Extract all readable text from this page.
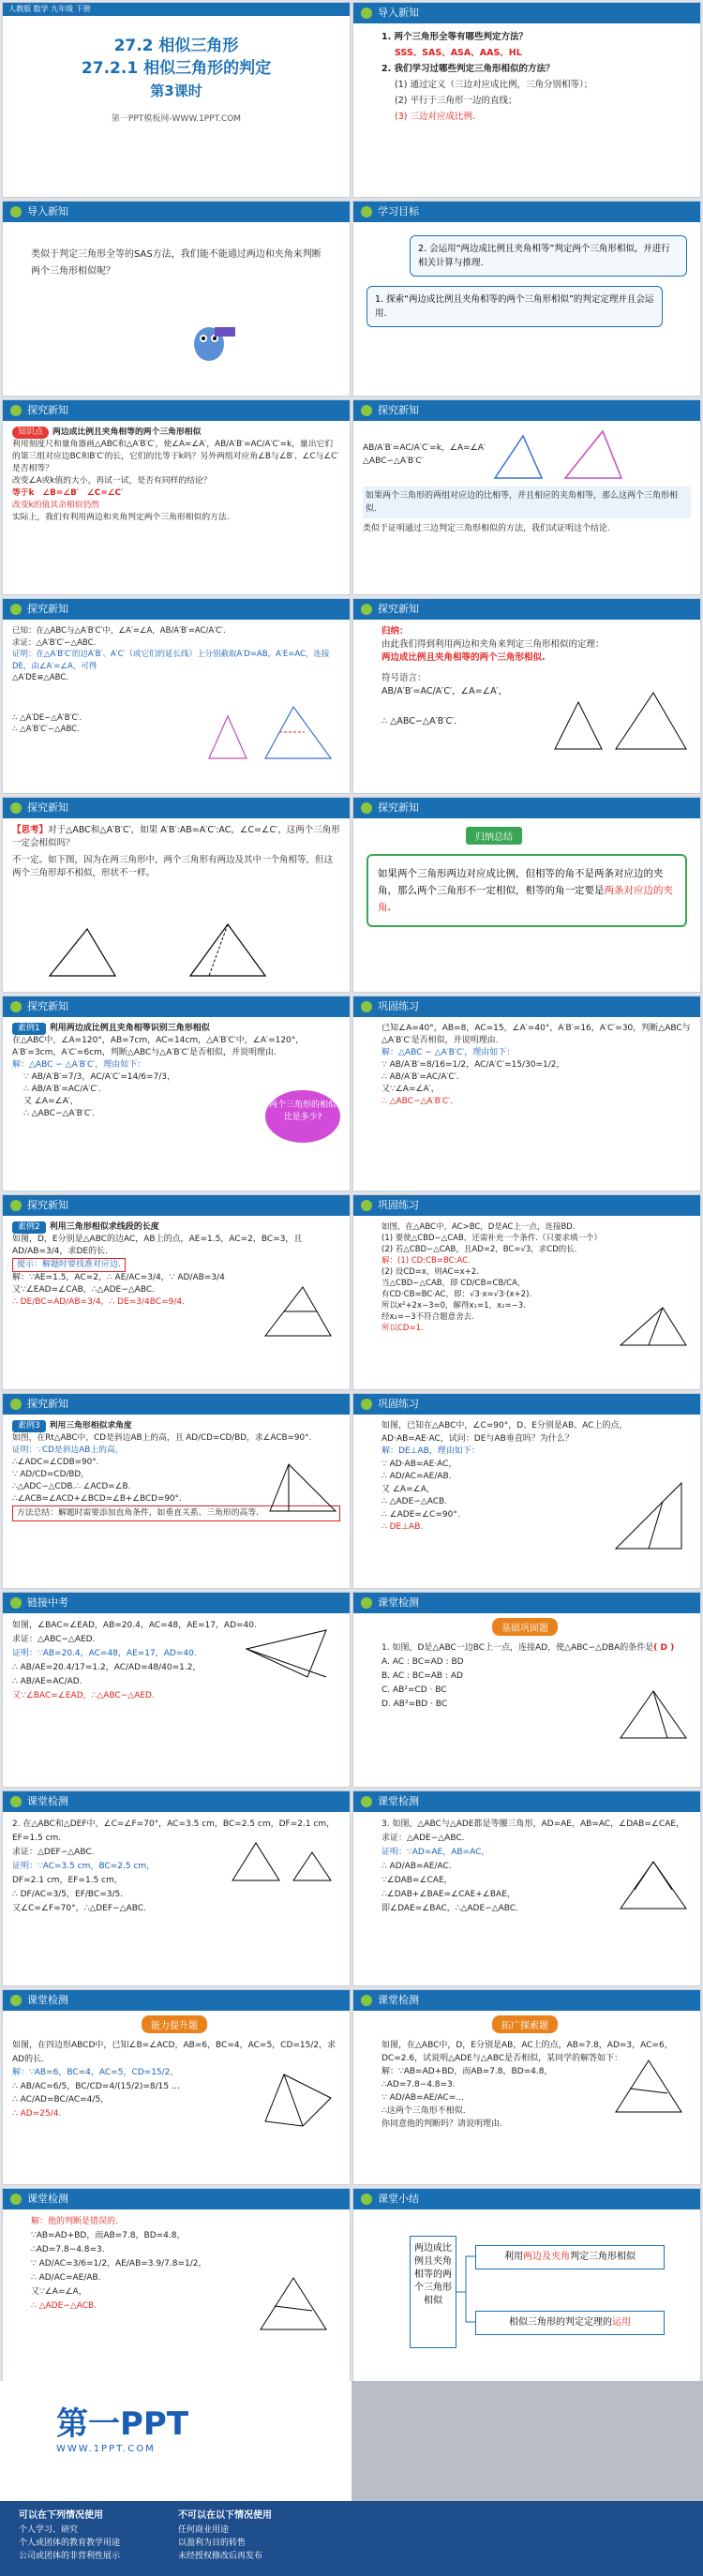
人教版 数学 九年级 下册
27.2 相似三角形
27.2.1 相似三角形的判定
第3课时
第一PPT模板网-WWW.1PPT.COM
导入新知
1. 两个三角形全等有哪些判定方法？
SSS、SAS、ASA、AAS、HL
2. 我们学习过哪些判定三角形相似的方法？
(1) 通过定义（三边对应成比例，三角分别相等）；
(2) 平行于三角形一边的直线；
(3) 三边对应成比例.
导入新知
类似于判定三角形全等的SAS方法，我们能不能通过两边和夹角来判断两个三角形相似呢？
学习目标
2. 会运用“两边成比例且夹角相等”判定两个三角形相似，并进行相关计算与推理.
1. 探索“两边成比例且夹角相等的两个三角形相似”的判定定理并且会运用.
探究新知
知识点 两边成比例且夹角相等的两个三角形相似
利用刻度尺和量角器画△ABC和△A′B′C′，使∠A=∠A′，AB/A′B′=AC/A′C′=k，量出它们的第三组对应边BC和B′C′的长，它们的比等于k吗？另外两组对应角∠B与∠B′、∠C与∠C′是否相等？
改变∠A或k值的大小，再试一试，是否有同样的结论？
等于k　∠B=∠B′　∠C=∠C′
改变k的值其余相似仍然
实际上，我们有利用两边和夹角判定两个三角形相似的方法.
探究新知
AB/A′B′=AC/A′C′=k，∠A=∠A′
△ABC∽△A′B′C′
如果两个三角形的两组对应边的比相等，并且相应的夹角相等，那么这两个三角形相似.
类似于证明通过三边判定三角形相似的方法，我们试证明这个结论.
探究新知
已知：在△ABC与△A′B′C′中，∠A′=∠A，AB/A′B′=AC/A′C′.
求证：△A′B′C′∽△ABC.
证明：在△A′B′C′的边A′B′、A′C′（或它们的延长线）上分别截取A′D=AB，A′E=AC，连接DE，由∠A′=∠A，可得
△A′DE≌△ABC.
∴ △A′DE∽△A′B′C′.
∴ △A′B′C′∽△ABC.
探究新知
归纳：
由此我们得到利用两边和夹角来判定三角形相似的定理：
两边成比例且夹角相等的两个三角形相似.
符号语言：
AB/A′B′=AC/A′C′，∠A=∠A′，
∴ △ABC∽△A′B′C′.
探究新知
【思考】对于△ABC和△A′B′C′，如果 A′B′:AB=A′C′:AC，∠C=∠C′，这两个三角形一定会相似吗？
不一定。如下图，因为在两三角形中，两个三角形有两边及其中一个角相等，但这两个三角形却不相似，形状不一样。
探究新知
归纳总结
如果两个三角形两边对应成比例，但相等的角不是两条对应边的夹角，那么两个三角形不一定相似，相等的角一定要是两条对应边的夹角.
探究新知
素例1 利用两边成比例且夹角相等识别三角形相似
在△ABC中，∠A=120°，AB=7cm，AC=14cm，△A′B′C′中，∠A′=120°，A′B′=3cm，A′C′=6cm，判断△ABC与△A′B′C′是否相似，并说明理由.
解：△ABC ∽ △A′B′C′，理由如下：
∵ AB/A′B′=7/3，AC/A′C′=14/6=7/3，
∴ AB/A′B′=AC/A′C′.
又 ∠A=∠A′，
∴ △ABC∽△A′B′C′.
两个三角形的相似比是多少?
巩固练习
已知∠A=40°，AB=8，AC=15，∠A′=40°，A′B′=16，A′C′=30，判断△ABC与△A′B′C′是否相似，并说明理由.
解：△ABC ∽ △A′B′C′，理由如下：
∵ AB/A′B′=8/16=1/2，AC/A′C′=15/30=1/2，
∴ AB/A′B′=AC/A′C′.
又∵∠A=∠A′，
∴ △ABC∽△A′B′C′.
探究新知
素例2 利用三角形相似求线段的长度
如图，D，E分别是△ABC的边AC，AB上的点，AE=1.5，AC=2，BC=3，且 AD/AB=3/4，求DE的长.
提示：解题时要找准对应边.
解：∵AE=1.5，AC=2，∴ AE/AC=3/4，∵ AD/AB=3/4
又∵∠EAD=∠CAB，∴△ADE∽△ABC.
∴ DE/BC=AD/AB=3/4，∴ DE=3/4BC=9/4.
巩固练习
如图，在△ABC中，AC>BC，D是AC上一点，连接BD.
(1) 要使△CBD∽△CAB，还需补充一个条件.（只要求填一个）
(2) 若△CBD∽△CAB，且AD=2，BC=√3，求CD的长.
解：(1) CD:CB=BC:AC.
(2) 设CD=x，则AC=x+2.
当△CBD∽△CAB，即 CD/CB=CB/CA，
有CD·CB=BC·AC，即：√3·x=√3·(x+2).
所以x²+2x−3=0，解得x₁=1，x₂=−3.
经x₂=−3不符合题意舍去.
所以CD=1.
探究新知
素例3 利用三角形相似求角度
如图，在Rt△ABC中，CD是斜边AB上的高，且 AD/CD=CD/BD，求∠ACB=90°.
证明：∵CD是斜边AB上的高，
∴∠ADC=∠CDB=90°.
∵ AD/CD=CD/BD，
∴△ADC∽△CDB.∴ ∠ACD=∠B.
∴∠ACB=∠ACD+∠BCD=∠B+∠BCD=90°.
方法总结：解题时需要添加直角条件，如垂直关系、三角形的高等.
巩固练习
如图，已知在△ABC中，∠C=90°，D、E分别是AB、AC上的点，AD·AB=AE·AC，试问：DE与AB垂直吗？为什么？
解：DE⊥AB，理由如下：
∵ AD·AB=AE·AC，
∴ AD/AC=AE/AB.
又 ∠A=∠A，
∴ △ADE∽△ACB.
∴ ∠ADE=∠C=90°.
∴ DE⊥AB.
链接中考
如图，∠BAC=∠EAD，AB=20.4，AC=48，AE=17，AD=40.
求证：△ABC∽△AED.
证明：∵AB=20.4，AC=48，AE=17，AD=40.
∴ AB/AE=20.4/17=1.2，AC/AD=48/40=1.2，
∴ AB/AE=AC/AD.
又∵∠BAC=∠EAD，∴△ABC∽△AED.
课堂检测
基础巩固题
1. 如图，D是△ABC一边BC上一点，连接AD，使△ABC∽△DBA的条件是( D )
A. AC : BC=AD : BD
B. AC : BC=AB : AD
C. AB²=CD · BC
D. AB²=BD · BC
课堂检测
2. 在△ABC和△DEF中，∠C=∠F=70°，AC=3.5 cm，BC=2.5 cm，DF=2.1 cm，EF=1.5 cm.
求证：△DEF∽△ABC.
证明：∵AC=3.5 cm，BC=2.5 cm，
DF=2.1 cm，EF=1.5 cm，
∴ DF/AC=3/5，EF/BC=3/5.
又∠C=∠F=70°，∴△DEF∽△ABC.
课堂检测
3. 如图，△ABC与△ADE都是等腰三角形，AD=AE，AB=AC，∠DAB=∠CAE，求证：△ADE∽△ABC.
证明：∵AD=AE，AB=AC，
∴ AD/AB=AE/AC.
∵∠DAB=∠CAE，
∴∠DAB+∠BAE=∠CAE+∠BAE，
即∠DAE=∠BAC，∴△ADE∽△ABC.
课堂检测
能力提升题
如图，在四边形ABCD中，已知∠B=∠ACD，AB=6，BC=4，AC=5，CD=15/2，求AD的长.
解：∵AB=6，BC=4，AC=5，CD=15/2，
∴ AB/AC=6/5，BC/CD=4/(15/2)=8/15 …
∴ AC/AD=BC/AC=4/5，
∴ AD=25/4.
课堂检测
拓广探索题
如图，在△ABC中，D，E分别是AB，AC上的点，AB=7.8，AD=3，AC=6，DC=2.6，试说明△ADE与△ABC是否相似，某同学的解答如下：
解：∵AB=AD+BD，而AB=7.8，BD=4.8，
∴AD=7.8−4.8=3.
∵ AD/AB=AE/AC=...
∴这两个三角形不相似.
你同意他的判断吗？请说明理由.
课堂检测
解：他的判断是错误的.
∵AB=AD+BD，而AB=7.8，BD=4.8，
∴AD=7.8−4.8=3.
∵ AD/AC=3/6=1/2，AE/AB=3.9/7.8=1/2，
∴ AD/AC=AE/AB.
又∵∠A=∠A，
∴ △ADE∽△ACB.
课堂小结
两边成比例且夹角相等的两个三角形相似
利用两边及夹角判定三角形相似
相似三角形的判定定理的运用
第一PPT
WWW.1PPT.COM
可以在下列情况使用
个人学习、研究
个人或团体的教育教学用途
公司或团体的非营利性展示
不可以在以下情况使用
任何商业用途
以盈利为目的转售
未经授权修改后再发布
